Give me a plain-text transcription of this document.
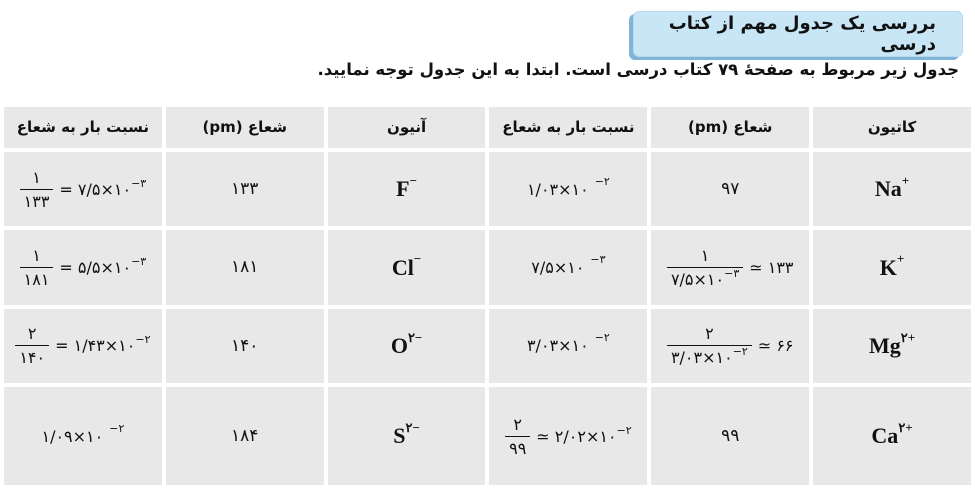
بررسی یک جدول مهم از کتاب درسی
جدول زیر مربوط به صفحهٔ ۷۹ کتاب درسی است. ابتدا به این جدول توجه نمایید.
نسبت بار به شعاع	شعاع (pm)	آنیون	نسبت بار به شعاع	شعاع (pm)	کاتیون

$\frac{۱}{۱۳۳}$ = $۷/۵\times ۱۰^{-۳}$	۱۳۳	F−	۱/۰۳×۱۰ −۲	۹۷	Na+

$\frac{۱}{۱۸۱}$ = $۵/۵\times ۱۰^{-۳}$	۱۸۱	Cl−	۷/۵×۱۰ −۳	$\frac{۱}{۷/۵\times ۱۰^{-۳}}$ ≃ ۱۳۳	K+

$\frac{۲}{۱۴۰}$ = $۱/۴۳\times ۱۰^{-۲}$	۱۴۰	$O^{۲-}$	۳/۰۳×۱۰ −۲	$\frac{۲}{۳/۰۳\times ۱۰^{-۲}}$ ≃ ۶۶	$Mg^{۲+}$

۱/۰۹×۱۰ −۲	۱۸۴	$S^{۲-}$	$\frac{۲}{۹۹}$ ≃ $۲/۰۲\times ۱۰^{-۲}$	۹۹	$Ca^{۲+}$
